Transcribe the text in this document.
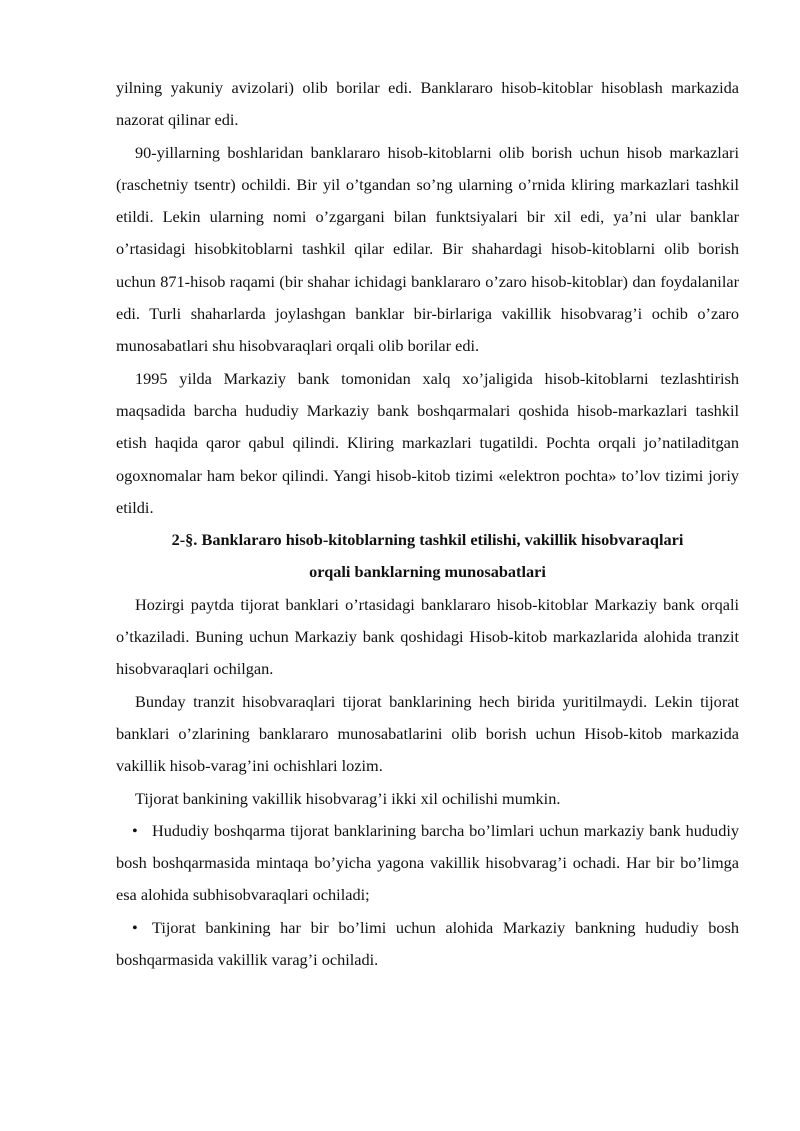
yilning yakuniy avizolari) olib borilar edi. Banklararo hisob-kitoblar hisoblash markazida nazorat qilinar edi.

90-yillarning boshlaridan banklararo hisob-kitoblarni olib borish uchun hisob markazlari (raschetniy tsentr) ochildi. Bir yil o’tgandan so’ng ularning o’rnida kliring markazlari tashkil etildi. Lekin ularning nomi o’zgargani bilan funktsiyalari bir xil edi, ya’ni ular banklar o’rtasidagi hisobkitoblarni tashkil qilar edilar. Bir shahardagi hisob-kitoblarni olib borish uchun 871-hisob raqami (bir shahar ichidagi banklararo o’zaro hisob-kitoblar) dan foydalanilar edi. Turli shaharlarda joylashgan banklar bir-birlariga vakillik hisobvarag’i ochib o’zaro munosabatlari shu hisobvaraqlari orqali olib borilar edi.

1995 yilda Markaziy bank tomonidan xalq xo’jaligida hisob-kitoblarni tezlashtirish maqsadida barcha hududiy Markaziy bank boshqarmalari qoshida hisob-markazlari tashkil etish haqida qaror qabul qilindi. Kliring markazlari tugatildi. Pochta orqali jo’natiladitgan ogoxnomalar ham bekor qilindi. Yangi hisob-kitob tizimi «elektron pochta» to’lov tizimi joriy etildi.

2-§. Banklararo hisob-kitoblarning tashkil etilishi, vakillik hisobvaraqlari
orqali banklarning munosabatlari

Hozirgi paytda tijorat banklari o’rtasidagi banklararo hisob-kitoblar Markaziy bank orqali o’tkaziladi. Buning uchun Markaziy bank qoshidagi Hisob-kitob markazlarida alohida tranzit hisobvaraqlari ochilgan.

Bunday tranzit hisobvaraqlari tijorat banklarining hech birida yuritilmaydi. Lekin tijorat banklari o’zlarining banklararo munosabatlarini olib borish uchun Hisob-kitob markazida vakillik hisob-varag’ini ochishlari lozim.

Tijorat bankining vakillik hisobvarag’i ikki xil ochilishi mumkin.

• Hududiy boshqarma tijorat banklarining barcha bo’limlari uchun markaziy bank hududiy bosh boshqarmasida mintaqa bo’yicha yagona vakillik hisobvarag’i ochadi. Har bir bo’limga esa alohida subhisobvaraqlari ochiladi;

• Tijorat bankining har bir bo’limi uchun alohida Markaziy bankning hududiy bosh boshqarmasida vakillik varag’i ochiladi.
